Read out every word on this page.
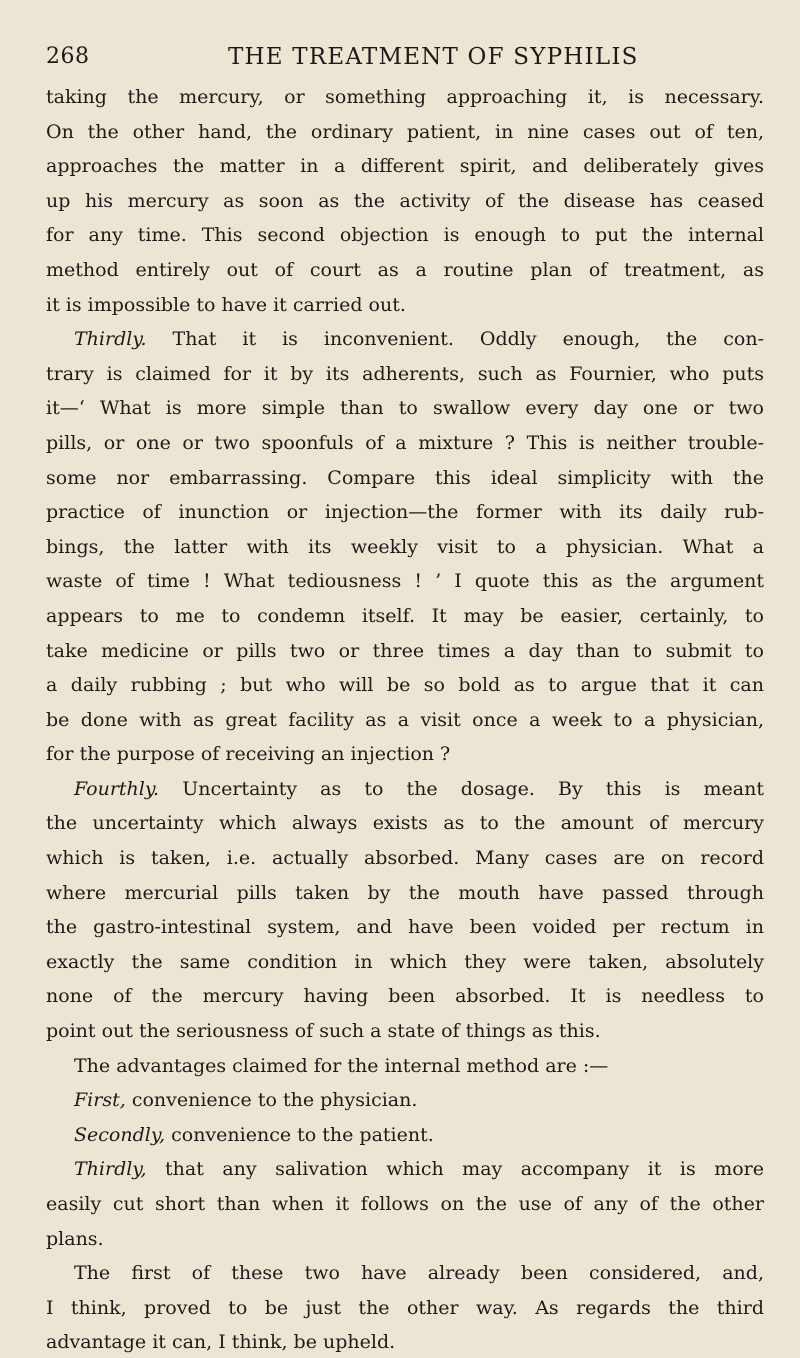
268	THE TREATMENT OF SYPHILIS
taking the mercury, or something approaching it, is necessary.
On the other hand, the ordinary patient, in nine cases out of ten,
approaches the matter in a different spirit, and deliberately gives
up his mercury as soon as the activity of the disease has ceased
for any time. This second objection is enough to put the internal
method entirely out of court as a routine plan of treatment, as
it is impossible to have it carried out.
Thirdly. That it is inconvenient. Oddly enough, the con-
trary is claimed for it by its adherents, such as Fournier, who puts
it—‘ What is more simple than to swallow every day one or two
pills, or one or two spoonfuls of a mixture ? This is neither trouble-
some nor embarrassing. Compare this ideal simplicity with the
practice of inunction or injection—the former with its daily rub-
bings, the latter with its weekly visit to a physician. What a
waste of time ! What tediousness ! ’ I quote this as the argument
appears to me to condemn itself. It may be easier, certainly, to
take medicine or pills two or three times a day than to submit to
a daily rubbing ; but who will be so bold as to argue that it can
be done with as great facility as a visit once a week to a physician,
for the purpose of receiving an injection ?
Fourthly. Uncertainty as to the dosage. By this is meant
the uncertainty which always exists as to the amount of mercury
which is taken, i.e. actually absorbed. Many cases are on record
where mercurial pills taken by the mouth have passed through
the gastro-intestinal system, and have been voided per rectum in
exactly the same condition in which they were taken, absolutely
none of the mercury having been absorbed. It is needless to
point out the seriousness of such a state of things as this.
The advantages claimed for the internal method are :—
First, convenience to the physician.
Secondly, convenience to the patient.
Thirdly, that any salivation which may accompany it is more
easily cut short than when it follows on the use of any of the other
plans.
The first of these two have already been considered, and,
I think, proved to be just the other way. As regards the third
advantage it can, I think, be upheld.
